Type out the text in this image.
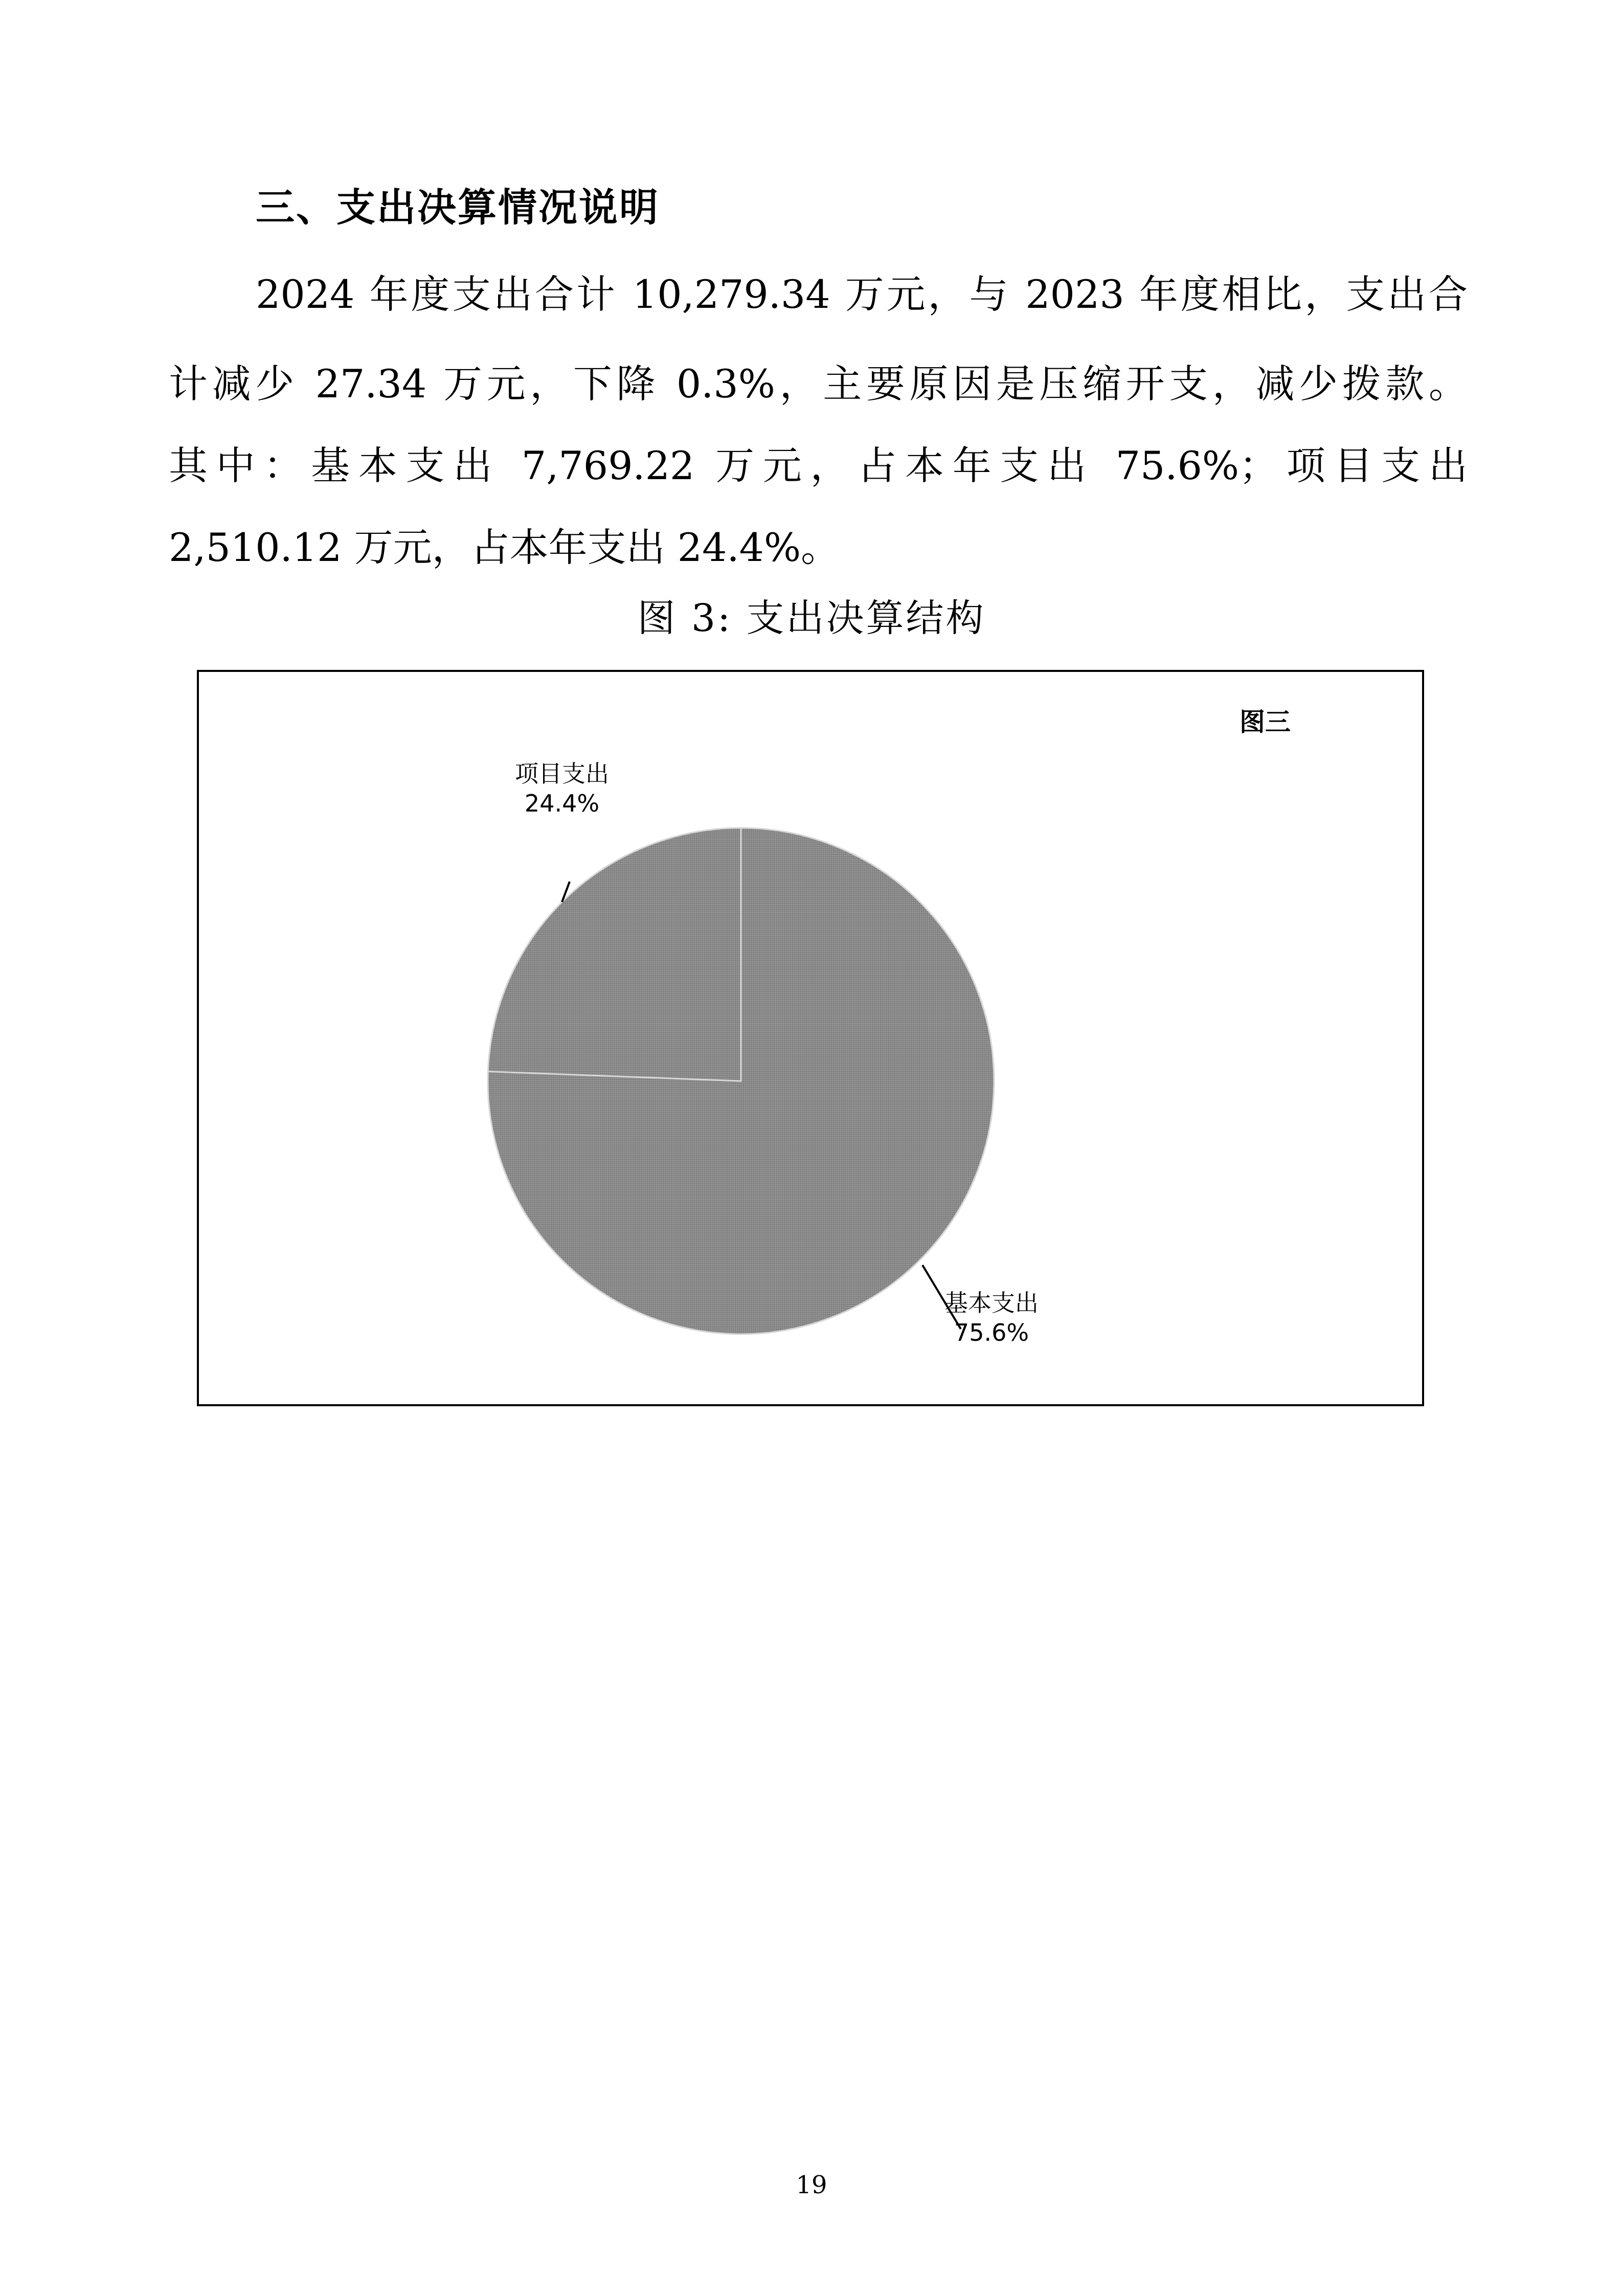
三、支出决算情况说明
2024 年度支出合计 10,279.34 万元，与 2023 年度相比，支出合
计减少 27.34 万元，下降 0.3%，主要原因是压缩开支，减少拨款。
其中：基本支出 7,769.22 万元，占本年支出 75.6%；项目支出
2,510.12 万元，占本年支出 24.4%。
图 3: 支出决算结构
图三
项目支出
24.4%
基本支出
75.6%
19
